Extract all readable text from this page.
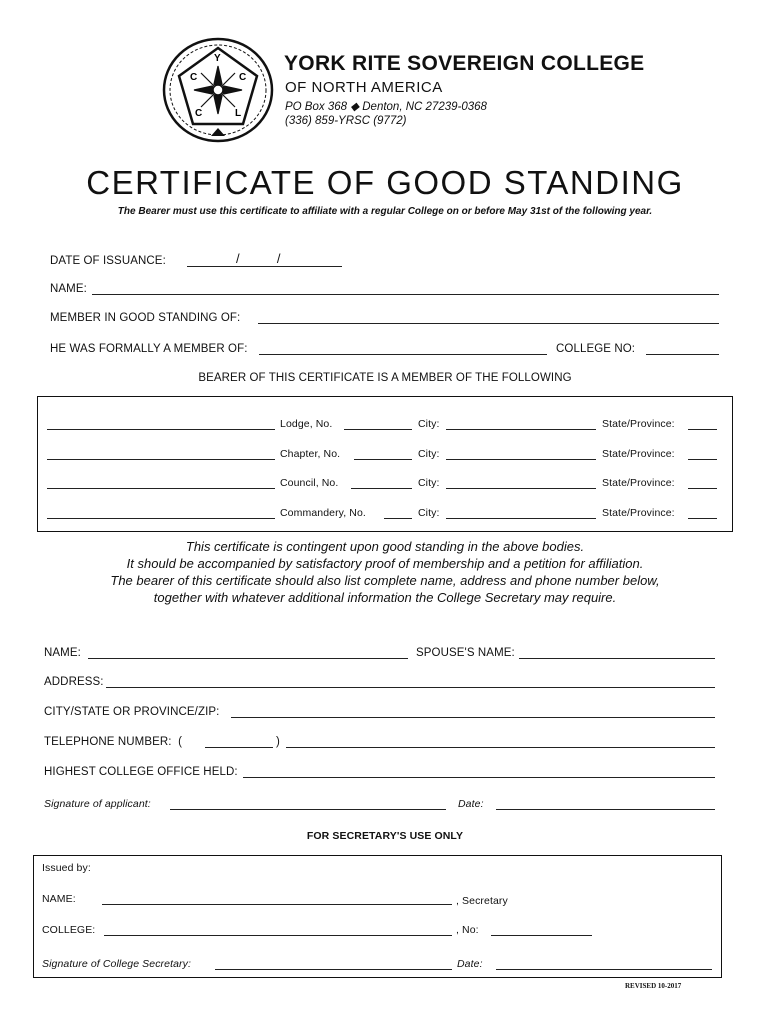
Y
C	C
C	L
YORK RITE SOVEREIGN COLLEGE
OF NORTH AMERICA
PO Box 368 ◆ Denton, NC 27239-0368
(336) 859-YRSC (9772)
CERTIFICATE OF GOOD STANDING
The Bearer must use this certificate to affiliate with a regular College on or before May 31st of the following year.
DATE OF ISSUANCE:	/          /
NAME:
MEMBER IN GOOD STANDING OF:
HE WAS FORMALLY A MEMBER OF:	COLLEGE NO:
BEARER OF THIS CERTIFICATE IS A MEMBER OF THE FOLLOWING
Lodge, No.	City:	State/Province:
Chapter, No.	City:	State/Province:
Council, No.	City:	State/Province:
Commandery, No.	City:	State/Province:
This certificate is contingent upon good standing in the above bodies.
It should be accompanied by satisfactory proof of membership and a petition for affiliation.
The bearer of this certificate should also list complete name, address and phone number below,
together with whatever additional information the College Secretary may require.
NAME:	SPOUSE'S NAME:
ADDRESS:
CITY/STATE OR PROVINCE/ZIP:
TELEPHONE NUMBER:  (	)
HIGHEST COLLEGE OFFICE HELD:
Signature of applicant:	Date:
FOR SECRETARY'S USE ONLY
Issued by:
NAME:	, Secretary
COLLEGE:	, No:
Signature of College Secretary:	Date:
REVISED 10-2017
